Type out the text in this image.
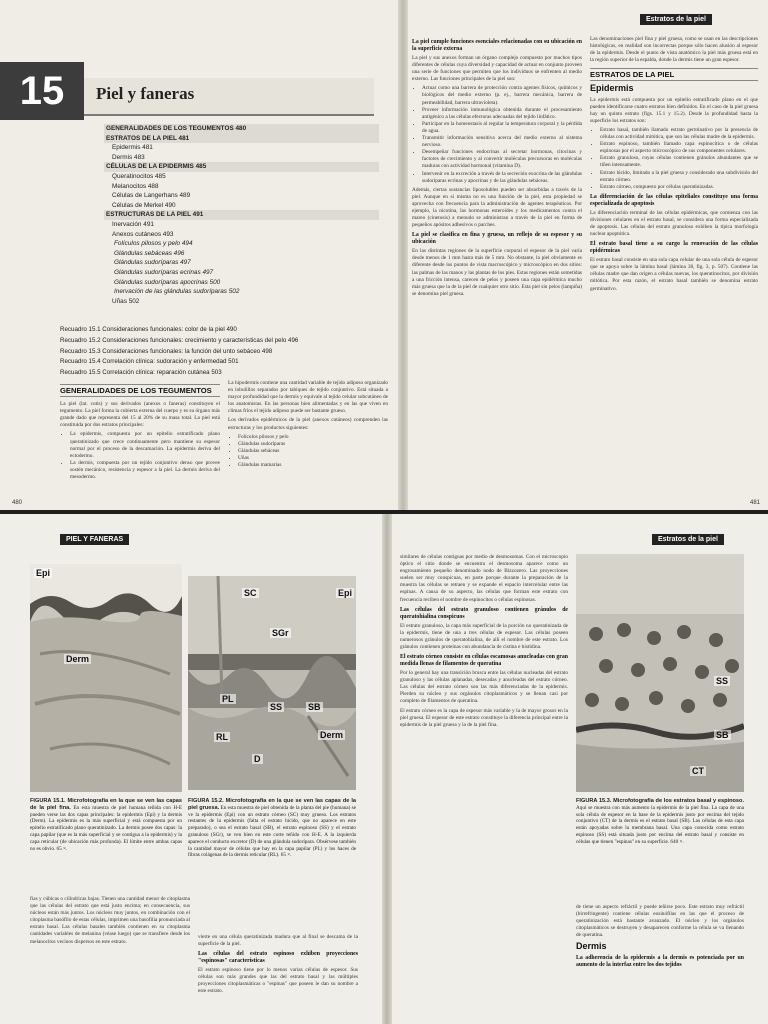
Estratos de la piel
15	Piel y faneras
GENERALIDADES DE LOS TEGUMENTOS 480
ESTRATOS DE LA PIEL 481
Epidermis 481
Dermis 483
CÉLULAS DE LA EPIDERMIS 485
Queratinocitos 485
Melanocitos 488
Células de Langerhans 489
Células de Merkel 490
ESTRUCTURAS DE LA PIEL 491
Inervación 491
Anexos cutáneos 493
Folículos pilosos y pelo 494
Glándulas sebáceas 496
Glándulas sudoríparas 497
Glándulas sudoríparas ecrinas 497
Glándulas sudoríparas apocrinas 500
Inervación de las glándulas sudoríparas 502
Uñas 502
Recuadro 15.1 Consideraciones funcionales: color de la piel 490
Recuadro 15.2 Consideraciones funcionales: crecimiento y características del pelo 496
Recuadro 15.3 Consideraciones funcionales: la función del unto sebáceo 498
Recuadro 15.4 Correlación clínica: sudoración y enfermedad 501
Recuadro 15.5 Correlación clínica: reparación cutánea 503
GENERALIDADES DE LOS TEGUMENTOS

La piel (lat. cutis) y sus derivados (anexos o faneras) constituyen el tegumento. La piel forma la cubierta externa del cuerpo y es su órgano más grande dado que representa del 15 al 20% de su masa total. La piel está constituida por dos estratos principales:

• La epidermis, compuesta por un epitelio estratificado plano queratinizado que crece continuamente pero mantiene su espesor normal por el proceso de la descamación. La epidermis deriva del ectodermo.
• La dermis, compuesta por un tejido conjuntivo denso que provee sostén mecánico, resistencia y espesor a la piel. La dermis deriva del mesodermo.

La hipodermis contiene una cantidad variable de tejido adiposo organizado en lobulillos separados por tabiques de tejido conjuntivo. Está situada a mayor profundidad que la dermis y equivale al tejido celular subcutáneo de los anatomistas. En las personas bien alimentadas y en las que viven en climas fríos el tejido adiposo puede ser bastante grueso.

Los derivados epidérmicos de la piel (anexos cutáneos) comprenden las estructuras y los productos siguientes:

• Folículos pilosos y pelo
• Glándulas sudoríparas
• Glándulas sebáceas
• Uñas
• Glándulas mamarias
480
La piel cumple funciones esenciales relacionadas con su ubicación en la superficie externa

La piel y sus anexos forman un órgano complejo compuesto por muchos tipos diferentes de células cuya diversidad y capacidad de actuar en conjunto proveen una serie de funciones que permiten que los individuos se enfrenten al medio externo. Las funciones principales de la piel son:

• Actuar como una barrera de protección contra agentes físicos, químicos y biológicos del medio externo (p. ej., barrera mecánica, barrera de permeabilidad, barrera ultravioleta).
• Proveer información inmunológica obtenida durante el procesamiento antigénico a las células efectoras adecuadas del tejido linfático.
• Participar en la homeostasis al regular la temperatura corporal y la pérdida de agua.
• Transmitir información sensitiva acerca del medio externo al sistema nervioso.
• Desempeñar funciones endocrinas al secretar hormonas, citocinas y factores de crecimiento y al convertir moléculas precursoras en moléculas maduras con actividad hormonal (vitamina D).
• Intervenir en la excreción a través de la secreción exocrina de las glándulas sudoríparas ecrinas y apocrinas y de las glándulas sebáceas.

Además, ciertas sustancias liposolubles pueden ser absorbidas a través de la piel. Aunque en sí misma no es una función de la piel, esta propiedad se aprovecha con frecuencia para la administración de agentes terapéuticos. Por ejemplo, la nicotina, las hormonas esteroides y los medicamentos contra el mareo (cinetosis) a menudo se administran a través de la piel en forma de pequeños apósitos adhesivos o parches.

La piel se clasifica en fina y gruesa, un reflejo de su espesor y su ubicación

En las distintas regiones de la superficie corporal el espesor de la piel varía desde menos de 1 mm hasta más de 5 mm. No obstante, la piel obviamente es diferente desde los puntos de vista macroscópico y microscópico en dos sitios: las palmas de las manos y las plantas de los pies. Estas regiones están sometidas a una fricción intensa, carecen de pelos y poseen una capa epidérmica mucho más gruesa que la de la piel de cualquier otro sitio. Esta piel sin pelos (lampiña) se denomina piel gruesa.

Las denominaciones piel fina y piel gruesa, como se usan en las descripciones histológicas, en realidad son incorrectas porque sólo hacen alusión al espesor de la epidermis. Desde el punto de vista anatómico la piel más gruesa está en la región superior de la espalda, donde la dermis tiene un gran espesor.

ESTRATOS DE LA PIEL
Epidermis

La epidermis está compuesta por un epitelio estratificado plano en el que pueden identificarse cuatro estratos bien definidos. En el caso de la piel gruesa hay un quinto estrato (figs. 15.1 y 15.2). Desde la profundidad hasta la superficie los estratos son:

• Estrato basal, también llamado estrato germinativo por la presencia de células con actividad mitótica, que son las células madre de la epidermis.
• Estrato espinoso, también llamado capa espinocítica o de células espinosas por el aspecto microscópico de sus componentes celulares.
• Estrato granuloso, cuyas células contienen gránulos abundantes que se tiñen intensamente.
• Estrato lúcido, limitado a la piel gruesa y considerado una subdivisión del estrato córneo.
• Estrato córneo, compuesto por células queratinizadas.
La diferenciación de las células epiteliales constituye una forma especializada de apoptosis

La diferenciación terminal de las células epidérmicas, que comienza con las divisiones celulares en el estrato basal, se considera una forma especializada de apoptosis. Las células del estrato granuloso exhiben la típica morfología nuclear apoptótica.

El estrato basal tiene a su cargo la renovación de las células epidérmicas

El estrato basal consiste en una sola capa celular de una sola célula de espesor que se apoya sobre la lámina basal (lámina 38, fig. 3, p. 507). Contiene las células madre que dan origen a células nuevas, los queratinocitos, por división mitótica. Por esta razón, el estrato basal también se denomina estrato germinativo.

481
PIEL Y FANERAS	Estratos de la piel
Epi
Derm
FIGURA 15.1. Microfotografía en la que se ven las capas de la piel fina. En esta muestra de piel humana teñida con H-E pueden verse las dos capas principales: la epidermis (Epi) y la dermis (Derm). La epidermis es la más superficial y está compuesta por un epitelio estratificado plano queratinizado. La dermis posee dos capas: la capa papilar (que es la más superficial y se contigua a la epidermis) y la capa reticular (de ubicación más profunda). El límite entre ambas capas no es obvio. 65 ×.
SC	Epi
SGr
PL
SS	SB
Derm
D
RL
FIGURA 15.2. Microfotografía en la que se ven las capas de la piel gruesa. En esta muestra de piel obtenida de la planta del pie (humana) se ve la epidermis (Epi) con un estrato córneo (SC) muy grueso. Los estratos restantes de la epidermis (falta el estrato lúcido, que no aparece en este preparado), o sea el estrato basal (SB), el estrato espinoso (SS) y el estrato granuloso (SGr), se ven bien en este corte teñido con H-E. A la izquierda aparece el conducto excretor (D) de una glándula sudorípara. Obsérvese también la cantidad mayor de células que hay en la capa papilar (PL) y los haces de fibras colágenas de la dermis reticular (RL). 65 ×.

fias y cúbicas o cilíndricas bajas. Tienen una cantidad menor de citoplasma que las células del estrato que está justo encima; en consecuencia, sus núcleos están más juntos. Los núcleos muy juntos, en combinación con el citoplasma basófilo de estas células, imprimen una basofilia pronunciada al estrato basal. Las células basales también contienen en su citoplasma cantidades variables de melanina (véase luego) que se transfiere desde los melanocitos vecinos dispersos en este estrato.

vierte en una célula queratinizada madura que al final se descama de la superficie de la piel.

Las células del estrato espinoso exhiben proyecciones "espinosas" características

El estrato espinoso tiene por lo menos varias células de espesor. Sus células son más grandes que las del estrato basal y las múltiples proyecciones citoplasmáticas o "espinas" que poseen le dan su nombre a este estrato.

similares de células contiguas por medio de desmosomas. Con el microscopio óptico el sitio donde se encuentra el desmosoma aparece como un engrosamiento pequeño denominado nodo de Bizzozero. Las proyecciones suelen ser muy conspicuas, en parte porque durante la preparación de la muestra las células se retraen y se expande el espacio intercelular entre las espinas. A causa de su aspecto, las células que forman este estrato con frecuencia reciben el nombre de espinocitos o células espinosas.

Las células del estrato granuloso contienen gránulos de queratohialina conspicuos

El estrato granuloso, la capa más superficial de la porción no queratinizada de la epidermis, tiene de una a tres células de espesor. Las células poseen numerosos gránulos de queratohialina, de allí el nombre de este estrato. Los gránulos contienen proteínas con abundancia de cistina e histidina.

El estrato córneo consiste en células escamosas anucleadas con gran medida llenas de filamentos de queratina

Por lo general hay una transición brusca entre las células nucleadas del estrato granuloso y las células aplanadas, desecadas y anucleadas del estrato córneo. Las células del estrato córneo son las más diferenciadas de la epidermis. Pierden su núcleo y sus orgánulos citoplasmáticos y se llenan casi por completo de filamentos de queratina.

El estrato córneo es la capa de espesor más variable y la de mayor grosor en la piel gruesa. El espesor de este estrato constituye la diferencia principal entre la epidermis de la piel gruesa y la de la piel fina.

SS
SB
CT
FIGURA 15.3. Microfotografía de los estratos basal y espinoso. Aquí se muestra con más aumento la epidermis de la piel fina. La capa de una sola célula de espesor en la base de la epidermis justo por encima del tejido conjuntivo (CT) de la dermis es el estrato basal (SB). Las células de esta capa están apoyadas sobre la membrana basal. Una capa conocida como estrato espinoso (SS) está situada justo por encima del estrato basal y consiste en células que tienen "espinas" en su superficie. 640 ×.

de tiene un aspecto refráctil y puede teñirse poco. Este estrato muy refráctil (birrefringente) contiene células eosinófilas en las que el proceso de queratinización está bastante avanzado. El núcleo y los orgánulos citoplasmáticos se destruyen y desaparecen conforme la célula se va llenando de queratina.

Dermis
La adherencia de la epidermis a la dermis es potenciada por un aumento de la interfaz entre los dos tejidos
